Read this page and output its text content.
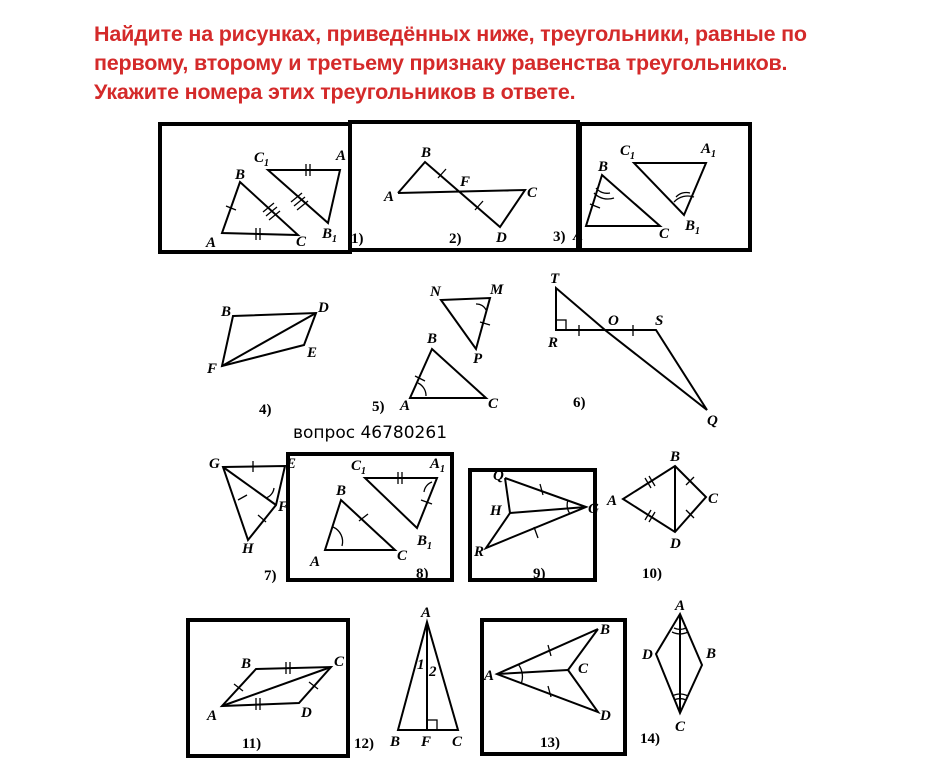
Найдите на рисунках, приведённых ниже, треугольники, равные по
первому, второму и третьему признаку равенства треугольников.
Укажите номера этих треугольников в ответе.
вопрос 46780261
B
$C_1$	A
A	C $B_1$ 1)
A
B
F
C
D
2)
B
$C_1$	$A_1$
A	C $B_1$
3)
B	D
F
E
4)
N	M
P
B
A	C
5)
T
R
O S
Q
6)
G	E
F
H
7)
$C_1$	$A_1$
B
$B_1$
A	C
8)
Q
H	G
R
9)
B
A	C
D
10)
B	C
A	D
11)
A
1 2
B F C
12)
B
A	C
D
13)
A
D	B
C
14)
